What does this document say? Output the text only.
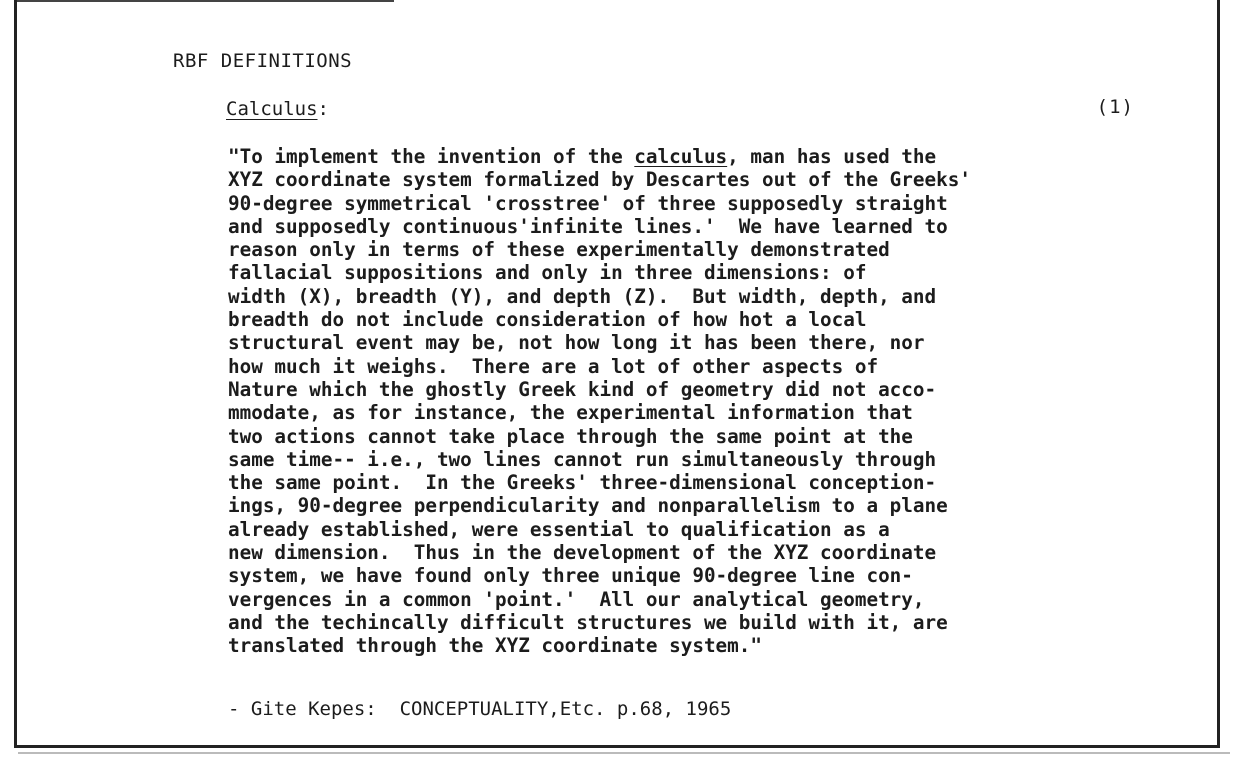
RBF DEFINITIONS
Calculus:	(1)
"To implement the invention of the calculus, man has used the
XYZ coordinate system formalized by Descartes out of the Greeks'
90-degree symmetrical 'crosstree' of three supposedly straight
and supposedly continuous'infinite lines.'  We have learned to
reason only in terms of these experimentally demonstrated
fallacial suppositions and only in three dimensions: of
width (X), breadth (Y), and depth (Z).  But width, depth, and
breadth do not include consideration of how hot a local
structural event may be, not how long it has been there, nor
how much it weighs.  There are a lot of other aspects of
Nature which the ghostly Greek kind of geometry did not acco-
mmodate, as for instance, the experimental information that
two actions cannot take place through the same point at the
same time-- i.e., two lines cannot run simultaneously through
the same point.  In the Greeks' three-dimensional conception-
ings, 90-degree perpendicularity and nonparallelism to a plane
already established, were essential to qualification as a
new dimension.  Thus in the development of the XYZ coordinate
system, we have found only three unique 90-degree line con-
vergences in a common 'point.'  All our analytical geometry,
and the techincally difficult structures we build with it, are
translated through the XYZ coordinate system."
- Gite Kepes:  CONCEPTUALITY,Etc. p.68, 1965
